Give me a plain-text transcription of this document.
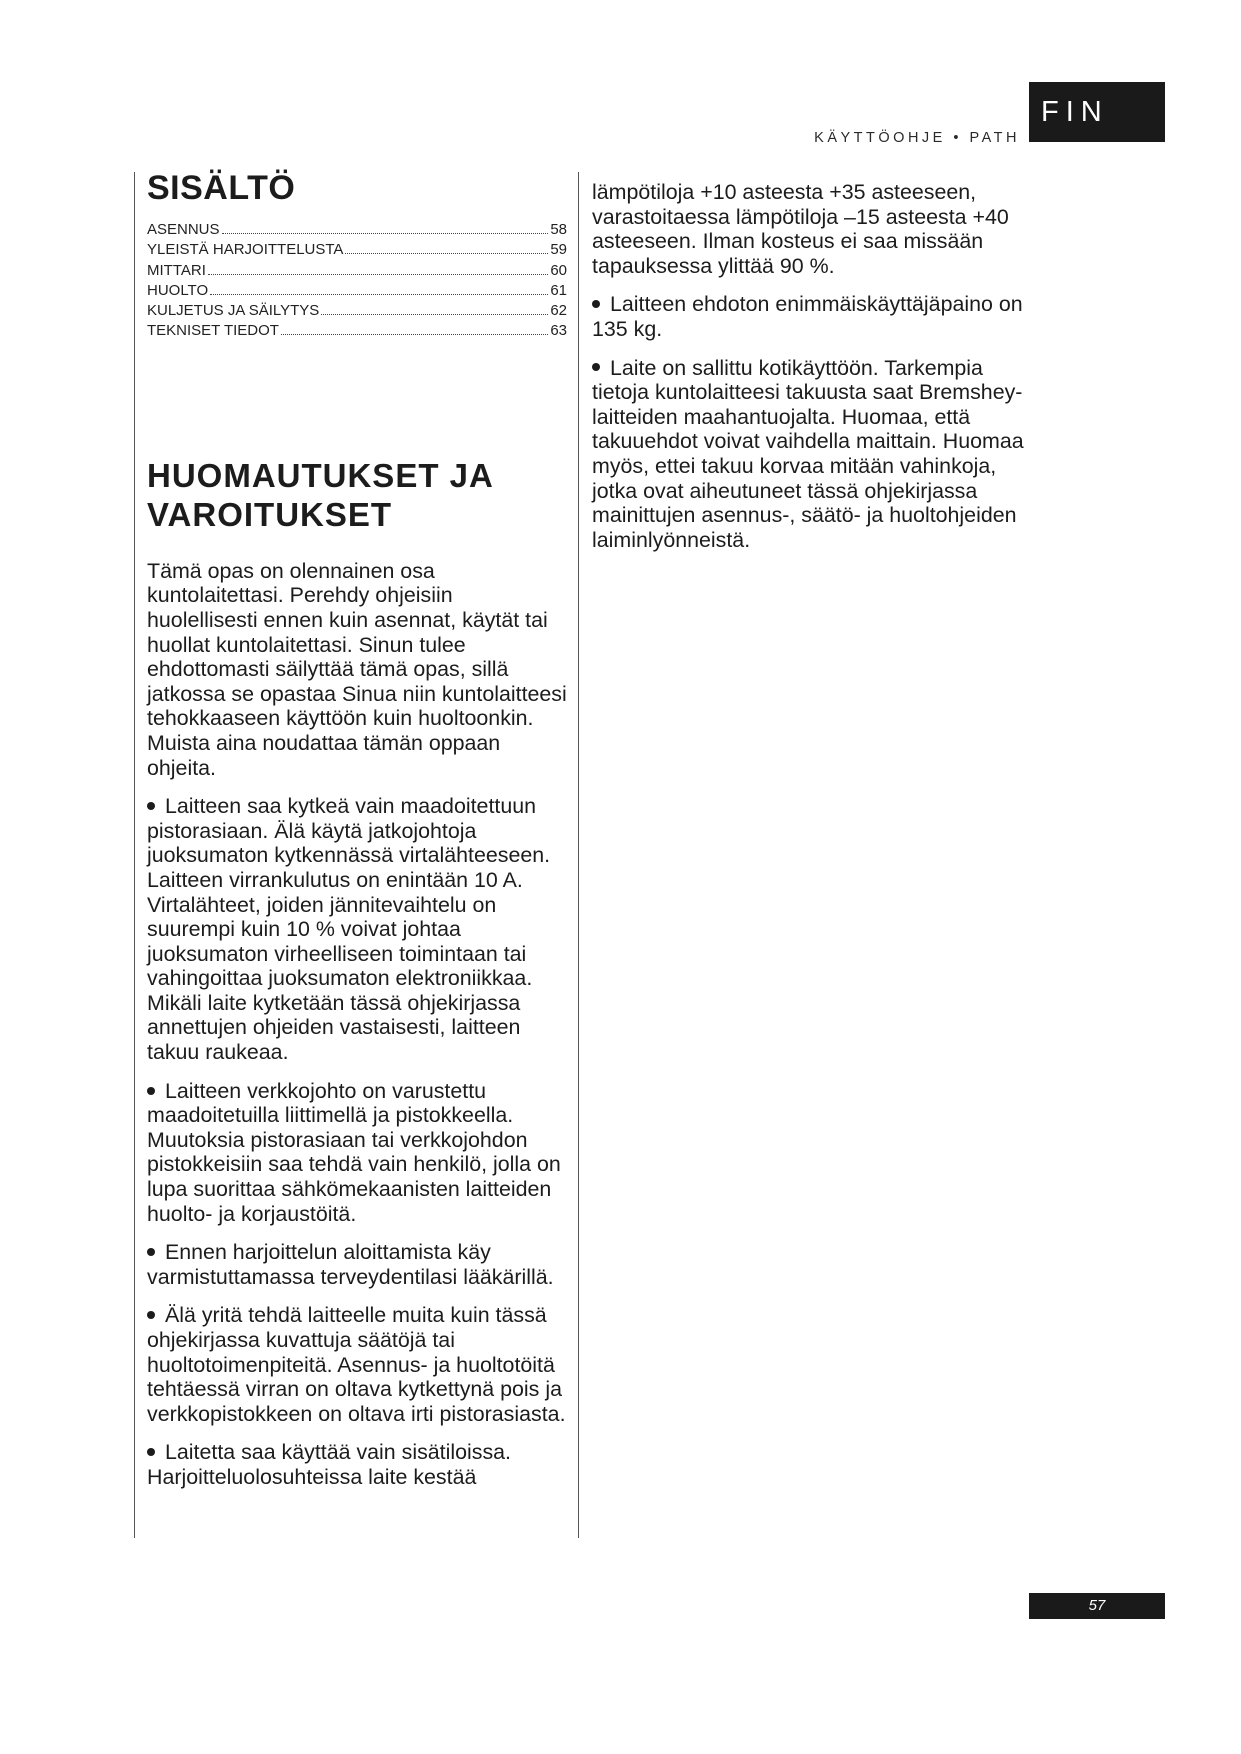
KÄYTTÖOHJE • PATH
FIN
SISÄLTÖ
ASENNUS	58
YLEISTÄ HARJOITTELUSTA	59
MITTARI	60
HUOLTO	61
KULJETUS JA SÄILYTYS	62
TEKNISET TIEDOT	63
HUOMAUTUKSET JA VAROITUKSET

Tämä opas on olennainen osa kuntolaitettasi. Perehdy ohjeisiin huolellisesti ennen kuin asennat, käytät tai huollat kuntolaitettasi. Sinun tulee ehdottomasti säilyttää tämä opas, sillä jatkossa se opastaa Sinua niin kuntolaitteesi tehokkaaseen käyttöön kuin huoltoonkin. Muista aina noudattaa tämän oppaan ohjeita.

Laitteen saa kytkeä vain maadoitettuun pistorasiaan. Älä käytä jatkojohtoja juoksumaton kytkennässä virtalähteeseen. Laitteen virrankulutus on enintään 10 A. Virtalähteet, joiden jännitevaihtelu on suurempi kuin 10 % voivat johtaa juoksumaton virheelliseen toimintaan tai vahingoittaa juoksumaton elektroniikkaa. Mikäli laite kytketään tässä ohjekirjassa annettujen ohjeiden vastaisesti, laitteen takuu raukeaa.

Laitteen verkkojohto on varustettu maadoitetuilla liittimellä ja pistokkeella. Muutoksia pistorasiaan tai verkkojohdon pistokkeisiin saa tehdä vain henkilö, jolla on lupa suorittaa sähkömekaanisten laitteiden huolto- ja korjaustöitä.

Ennen harjoittelun aloittamista käy varmistuttamassa terveydentilasi lääkärillä.

Älä yritä tehdä laitteelle muita kuin tässä ohjekirjassa kuvattuja säätöjä tai huoltotoimenpiteitä. Asennus- ja huoltotöitä tehtäessä virran on oltava kytkettynä pois ja verkkopistokkeen on oltava irti pistorasiasta.

Laitetta saa käyttää vain sisätiloissa. Harjoitteluolosuhteissa laite kestää

lämpötiloja +10 asteesta +35 asteeseen, varastoitaessa lämpötiloja –15 asteesta +40 asteeseen. Ilman kosteus ei saa missään tapauksessa ylittää 90 %.

Laitteen ehdoton enimmäiskäyttäjäpaino on 135 kg.

Laite on sallittu kotikäyttöön. Tarkempia tietoja kuntolaitteesi takuusta saat Bremshey-laitteiden maahantuojalta. Huomaa, että takuuehdot voivat vaihdella maittain. Huomaa myös, ettei takuu korvaa mitään vahinkoja, jotka ovat aiheutuneet tässä ohjekirjassa mainittujen asennus-, säätö- ja huoltohjeiden laiminlyönneistä.

57
